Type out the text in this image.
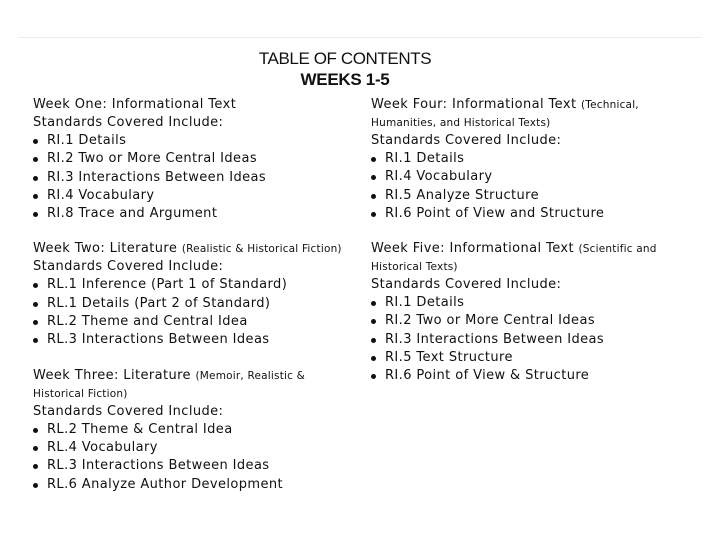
TABLE OF CONTENTS
WEEKS 1-5
Week One: Informational Text
Standards Covered Include:
RI.1 Details
RI.2 Two or More Central Ideas
RI.3 Interactions Between Ideas
RI.4 Vocabulary
RI.8 Trace and Argument
Week Two: Literature (Realistic & Historical Fiction)
Standards Covered Include:
RL.1 Inference (Part 1 of Standard)
RL.1 Details (Part 2 of Standard)
RL.2 Theme and Central Idea
RL.3 Interactions Between Ideas
Week Three: Literature (Memoir, Realistic & Historical Fiction)
Standards Covered Include:
RL.2 Theme & Central Idea
RL.4 Vocabulary
RL.3 Interactions Between Ideas
RL.6 Analyze Author Development
Week Four: Informational Text (Technical, Humanities, and Historical Texts)
Standards Covered Include:
RI.1 Details
RI.4 Vocabulary
RI.5 Analyze Structure
RI.6 Point of View and Structure
Week Five: Informational Text (Scientific and Historical Texts)
Standards Covered Include:
RI.1 Details
RI.2 Two or More Central Ideas
RI.3 Interactions Between Ideas
RI.5 Text Structure
RI.6 Point of View & Structure
